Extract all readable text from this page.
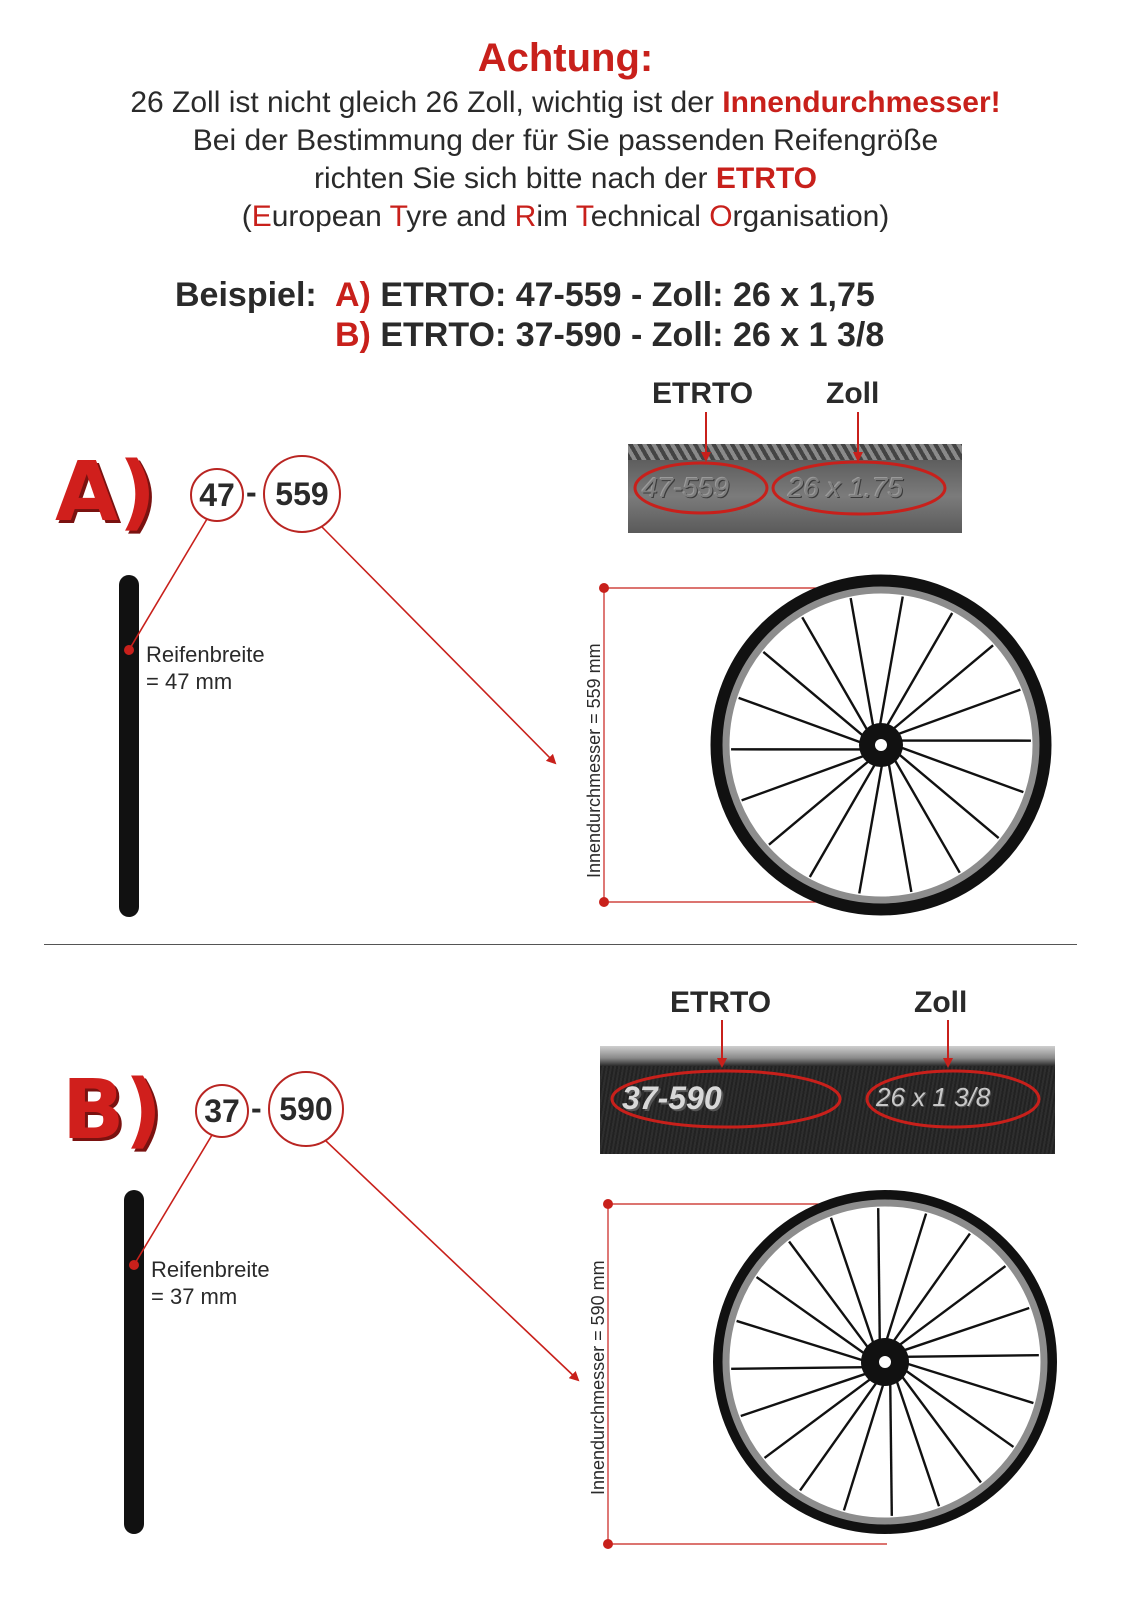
Achtung:
26 Zoll ist nicht gleich 26 Zoll, wichtig ist der Innendurchmesser!
Bei der Bestimmung der für Sie passenden Reifengröße
richten Sie sich bitte nach der ETRTO
(European Tyre and Rim Technical Organisation)
Beispiel: A) ETRTO: 47-559 - Zoll: 26 x 1,75
B) ETRTO: 37-590 - Zoll: 26 x 1 3/8
A) 47 - 559
Reifenbreite
= 47 mm
ETRTO Zoll
47-559 26 x 1.75
Innendurchmesser = 559 mm
B) 37 - 590
Reifenbreite
= 37 mm
ETRTO	Zoll
37-590	26 x 1 3/8
Innendurchmesser = 590 mm
